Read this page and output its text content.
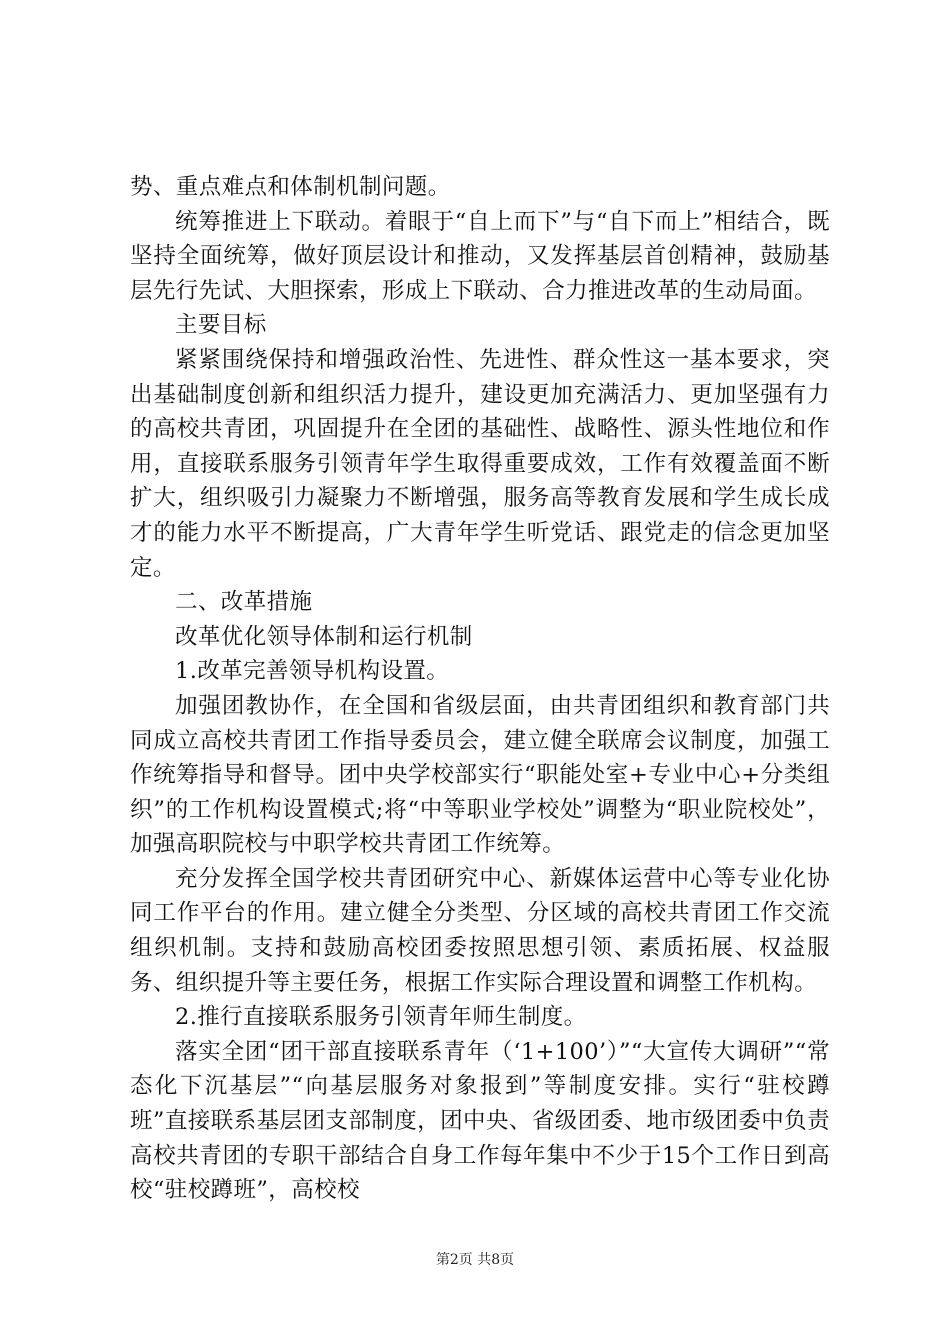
势、重点难点和体制机制问题。

统筹推进上下联动。着眼于“自上而下”与“自下而上”相结合，既坚持全面统筹，做好顶层设计和推动，又发挥基层首创精神，鼓励基层先行先试、大胆探索，形成上下联动、合力推进改革的生动局面。

主要目标

紧紧围绕保持和增强政治性、先进性、群众性这一基本要求，突出基础制度创新和组织活力提升，建设更加充满活力、更加坚强有力的高校共青团，巩固提升在全团的基础性、战略性、源头性地位和作用，直接联系服务引领青年学生取得重要成效，工作有效覆盖面不断扩大，组织吸引力凝聚力不断增强，服务高等教育发展和学生成长成才的能力水平不断提高，广大青年学生听党话、跟党走的信念更加坚定。

二、改革措施

改革优化领导体制和运行机制

1.改革完善领导机构设置。

加强团教协作，在全国和省级层面，由共青团组织和教育部门共同成立高校共青团工作指导委员会，建立健全联席会议制度，加强工作统筹指导和督导。团中央学校部实行“职能处室+专业中心+分类组织”的工作机构设置模式;将“中等职业学校处”调整为“职业院校处”，加强高职院校与中职学校共青团工作统筹。

充分发挥全国学校共青团研究中心、新媒体运营中心等专业化协同工作平台的作用。建立健全分类型、分区域的高校共青团工作交流组织机制。支持和鼓励高校团委按照思想引领、素质拓展、权益服务、组织提升等主要任务，根据工作实际合理设置和调整工作机构。

2.推行直接联系服务引领青年师生制度。

落实全团“团干部直接联系青年（‘1+100’）”“大宣传大调研”“常态化下沉基层”“向基层服务对象报到”等制度安排。实行“驻校蹲班”直接联系基层团支部制度，团中央、省级团委、地市级团委中负责高校共青团的专职干部结合自身工作每年集中不少于15个工作日到高校“驻校蹲班”，高校校

第2页 共8页
